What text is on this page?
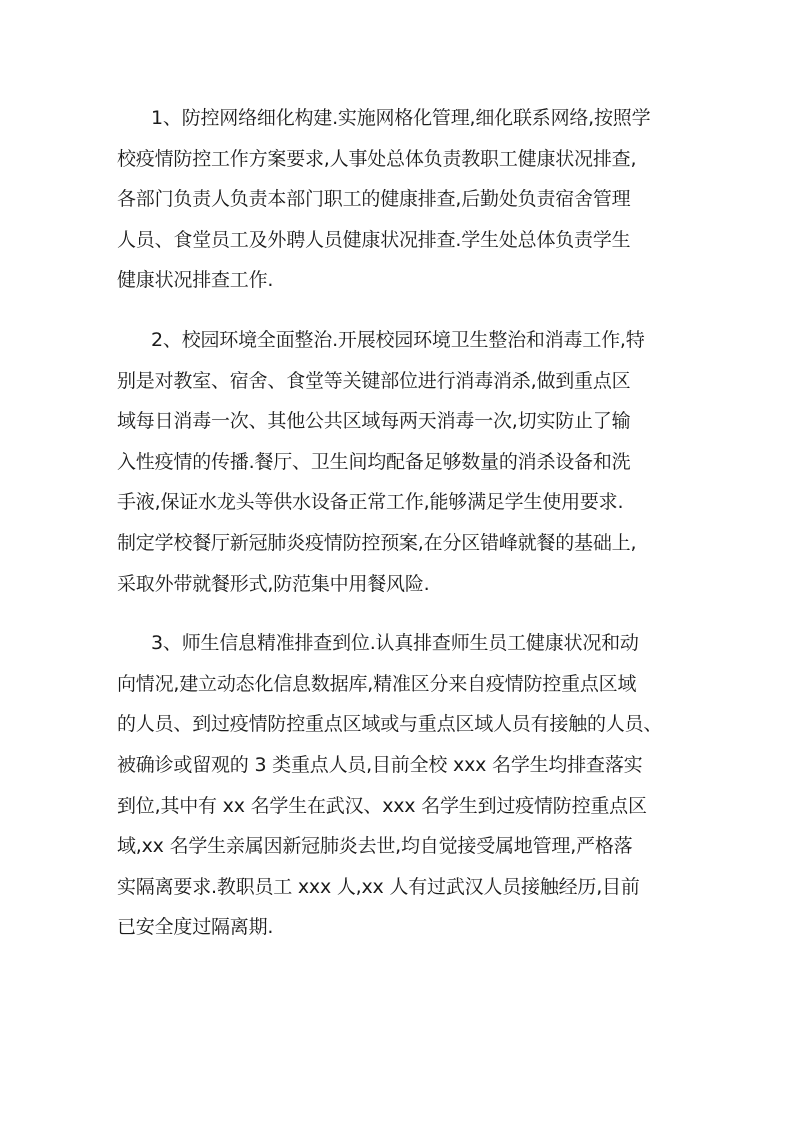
1、防控网络细化构建.实施网格化管理,细化联系网络,按照学
校疫情防控工作方案要求,人事处总体负责教职工健康状况排查,
各部门负责人负责本部门职工的健康排查,后勤处负责宿舍管理
人员、食堂员工及外聘人员健康状况排查.学生处总体负责学生
健康状况排查工作.

2、校园环境全面整治.开展校园环境卫生整治和消毒工作,特
别是对教室、宿舍、食堂等关键部位进行消毒消杀,做到重点区
域每日消毒一次、其他公共区域每两天消毒一次,切实防止了输
入性疫情的传播.餐厅、卫生间均配备足够数量的消杀设备和洗
手液,保证水龙头等供水设备正常工作,能够满足学生使用要求.
制定学校餐厅新冠肺炎疫情防控预案,在分区错峰就餐的基础上,
采取外带就餐形式,防范集中用餐风险.

3、师生信息精准排查到位.认真排查师生员工健康状况和动
向情况,建立动态化信息数据库,精准区分来自疫情防控重点区域
的人员、到过疫情防控重点区域或与重点区域人员有接触的人员、
被确诊或留观的 3 类重点人员,目前全校 xxx 名学生均排查落实
到位,其中有 xx 名学生在武汉、xxx 名学生到过疫情防控重点区
域,xx 名学生亲属因新冠肺炎去世,均自觉接受属地管理,严格落
实隔离要求.教职员工 xxx 人,xx 人有过武汉人员接触经历,目前
已安全度过隔离期.
